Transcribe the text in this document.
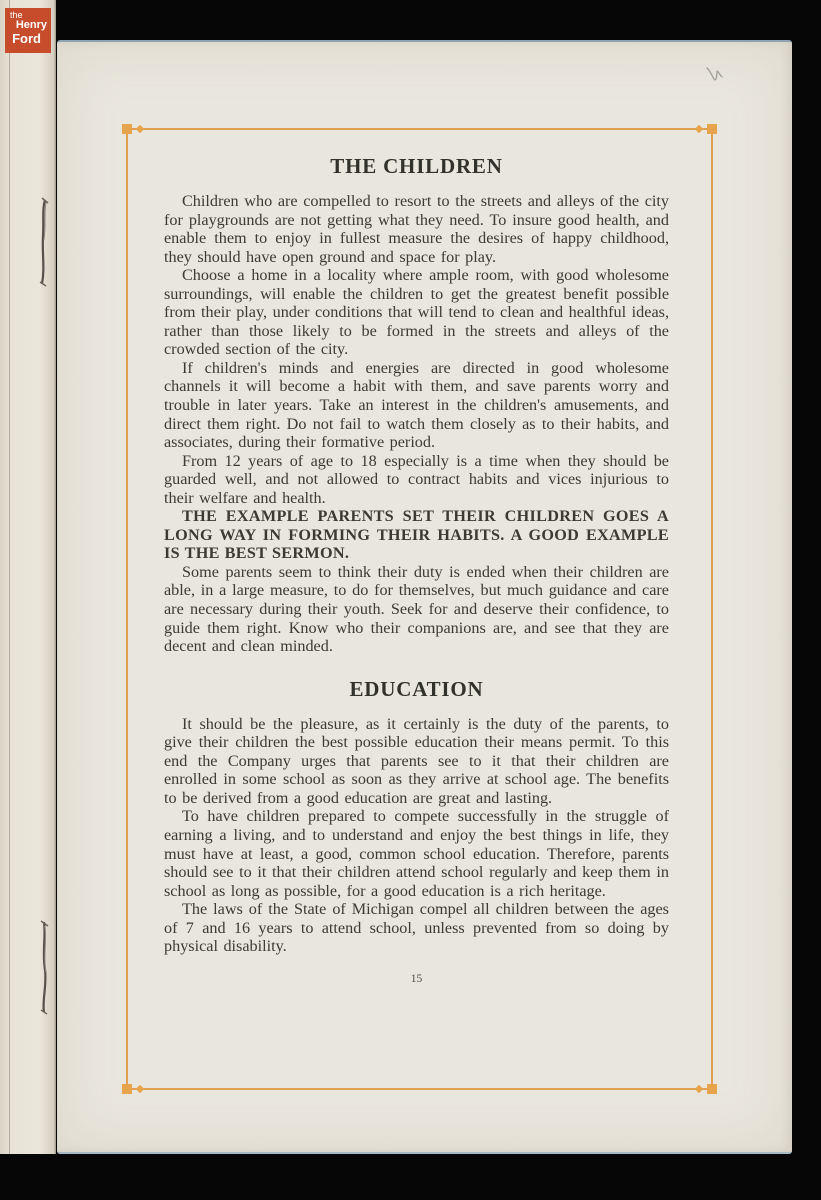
the
Henry
Ford
THE CHILDREN

Children who are compelled to resort to the streets and alleys of the city for playgrounds are not getting what they need. To insure good health, and enable them to enjoy in fullest measure the desires of happy childhood, they should have open ground and space for play.

Choose a home in a locality where ample room, with good wholesome surroundings, will enable the children to get the greatest benefit possible from their play, under conditions that will tend to clean and healthful ideas, rather than those likely to be formed in the streets and alleys of the crowded section of the city.

If children's minds and energies are directed in good wholesome channels it will become a habit with them, and save parents worry and trouble in later years. Take an interest in the children's amusements, and direct them right. Do not fail to watch them closely as to their habits, and associates, during their formative period.

From 12 years of age to 18 especially is a time when they should be guarded well, and not allowed to contract habits and vices injurious to their welfare and health.

THE EXAMPLE PARENTS SET THEIR CHILDREN GOES A LONG WAY IN FORMING THEIR HABITS. A GOOD EXAMPLE IS THE BEST SERMON.

Some parents seem to think their duty is ended when their children are able, in a large measure, to do for themselves, but much guidance and care are necessary during their youth. Seek for and deserve their confidence, to guide them right. Know who their companions are, and see that they are decent and clean minded.

EDUCATION

It should be the pleasure, as it certainly is the duty of the parents, to give their children the best possible education their means permit. To this end the Company urges that parents see to it that their children are enrolled in some school as soon as they arrive at school age. The benefits to be derived from a good education are great and lasting.

To have children prepared to compete successfully in the struggle of earning a living, and to understand and enjoy the best things in life, they must have at least, a good, common school education. Therefore, parents should see to it that their children attend school regularly and keep them in school as long as possible, for a good education is a rich heritage.

The laws of the State of Michigan compel all children between the ages of 7 and 16 years to attend school, unless prevented from so doing by physical disability.

15
